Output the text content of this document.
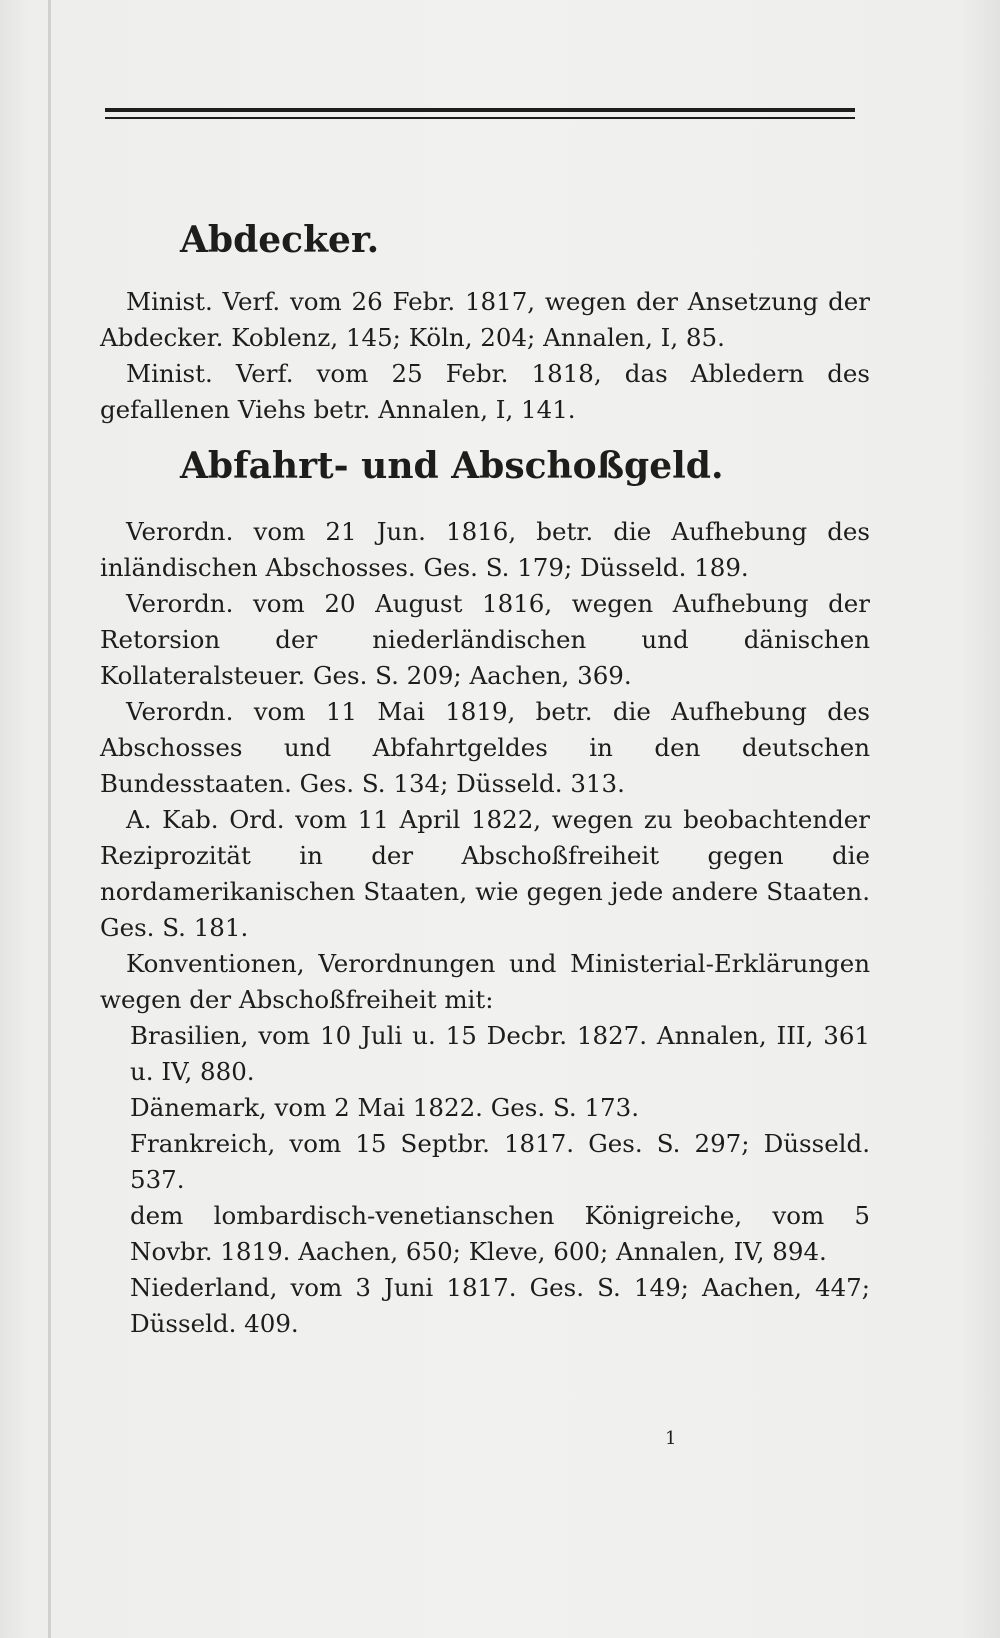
Abdecker.

Minist. Verf. vom 26 Febr. 1817, wegen der Ansetzung der Abdecker. Koblenz, 145; Köln, 204; Annalen, I, 85.

Minist. Verf. vom 25 Febr. 1818, das Abledern des gefallenen Viehs betr. Annalen, I, 141.

Abfahrt- und Abschoßgeld.

Verordn. vom 21 Jun. 1816, betr. die Aufhebung des inländischen Abschosses. Ges. S. 179; Düsseld. 189.

Verordn. vom 20 August 1816, wegen Aufhebung der Retorsion der niederländischen und dänischen Kollateralsteuer. Ges. S. 209; Aachen, 369.

Verordn. vom 11 Mai 1819, betr. die Aufhebung des Abschosses und Abfahrtgeldes in den deutschen Bundesstaaten. Ges. S. 134; Düsseld. 313.

A. Kab. Ord. vom 11 April 1822, wegen zu beobachtender Reziprozität in der Abschoßfreiheit gegen die nordamerikanischen Staaten, wie gegen jede andere Staaten. Ges. S. 181.

Konventionen, Verordnungen und Ministerial-Erklärungen wegen der Abschoßfreiheit mit:

Brasilien, vom 10 Juli u. 15 Decbr. 1827. Annalen, III, 361 u. IV, 880.

Dänemark, vom 2 Mai 1822. Ges. S. 173.

Frankreich, vom 15 Septbr. 1817. Ges. S. 297; Düsseld. 537.

dem lombardisch-venetianschen Königreiche, vom 5 Novbr. 1819. Aachen, 650; Kleve, 600; Annalen, IV, 894.

Niederland, vom 3 Juni 1817. Ges. S. 149; Aachen, 447; Düsseld. 409.

1
